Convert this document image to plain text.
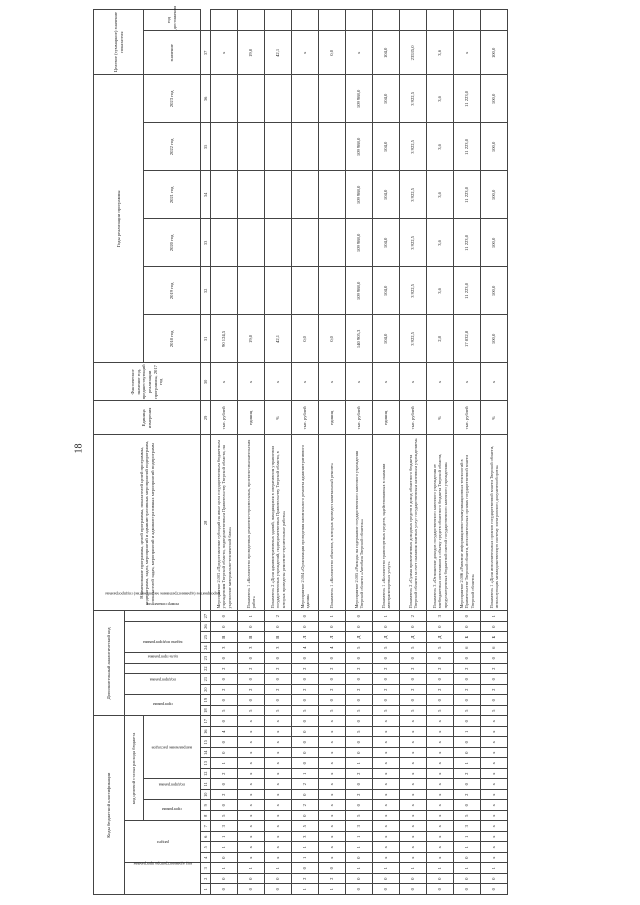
18
Коды бюджетной классификации																	Дополнительный аналитический код										Наименование программы, целей программы, показателей целей программы, подпрограмм, задач, мероприятий и административных мероприятий подпрограмм, показателей задач, мероприятий и административных мероприятий подпрограмм	Единица измерения	Фактическое значение год, предшествующий реализации программы, 2017 год	Годы реализации программы						Целевое (суммарное) значение показателя	
код администратора программы			раздел				код целевой статьи расхода бюджета										программа		подпрограмма		цель программы	задача подпрограммы	мероприятие (административное мероприятие) подпрограммы			номер показателя											
							программа		подпрограмма		направление расходов																			2018 год	2019 год	2020 год	2021 год	2022 год	2023 год	значение	год достижения

1	2	3	4	5	6	7	8	9	10	11	12	13	14	15	16	17	18	19	20	21	22	23	24	25	26	27	28	29	30	31	32	33	34	35	36	37	
0	0	1	0	1	1	3	5	0	2	0	2	1	0	0	4	0	5	0	2	0	2	0	3	В	0	0	Мероприятие 2.003 «Предоставление субсидий на иные цели государственным бюджетным учреждениям Тверской области, подведомственным Правительству Тверской области, на укрепление материально-технической базы»	тыс. рублей	х	90 124,5						х	
0	0	1	х	х	х	х	х	х	х	х	х	х	х	х	х	х	5	0	2	0	2	0	3	В	0	1	Показатель 1 «Количество проведенных ремонтно-строительных, проектно-изыскательских работ»	единиц	х	19,0						19,0	
0	0	1	х	х	х	х	х	х	х	х	х	х	х	х	х	х	5	0	2	0	2	0	3	В	0	2	Показатель 2 «Доля административных зданий, находящихся в оперативном управлении государственных учреждений, подведомственных Правительству Тверской области, в которых проведены ремонтно-строительные работы»	%	х	42,1						42,1	
1	2	0	1	1	3	5	0	2	0	2	1	0	0	0	0	0	5	0	2	0	2	0	4	Л	0	0	Мероприятие 2.004 «Организация проведения капитального ремонта административного здания»	тыс. рублей	х	0,0						х	
1	2	0	х	х	х	х	х	х	х	х	х	х	х	х	х	х	5	0	2	0	2	0	4	Л	0	1	Показатель 1 «Количество объектов, в которых проведен капитальный ремонт»	единиц	х	0,0						0,0	
0	0	1	0	1	1	3	5	0	2	0	2	1	0	0	5	0	5	0	2	0	2	0	5	Д	0	0	Мероприятие 2.005 «Расходы на содержание государственного казенного учреждения Тверской области «Автобаза Тверской области»»	тыс. рублей	х	140 905,3	109 988,0	109 988,0	109 988,0	109 988,0	109 988,0	х	
0	0	1	х	х	х	х	х	х	х	х	х	х	х	х	х	х	5	0	2	0	2	0	5	Д	0	1	Показатель 1 «Количество транспортных средств, задействованных в оказании автотранспортных услуг»	единиц	х	104,0	104,0	104,0	104,0	104,0	104,0	104,0	
0	0	1	х	х	х	х	х	х	х	х	х	х	х	х	х	х	5	0	2	0	2	0	5	Д	0	2	Показатель 2 «Сумма привлеченных доходных средств в доход областного бюджета Тверской области за счет оказания платных услуг государственным казенным учреждением»	тыс. рублей	х	3 922,5	3 922,5	3 922,5	3 922,5	3 922,5	3 922,5	23535,0	
0	0	1	х	х	х	х	х	х	х	х	х	х	х	х	х	х	5	0	2	0	2	0	5	Д	0	3	Показатель 3 «Отношение доходов государственного казенного учреждения от внебюджетных источников к объему средств областного бюджета Тверской области, предусмотренных бюджетной сметой государственного казенного учреждения»	%	х	2,8	3,6	3,6	3,6	3,6	3,6	3,6	
0	0	1	0	1	1	3	5	0	2	0	2	1	0	0	1	0	5	0	2	0	2	0	6	Б	0	0	Мероприятие 2.006 «Развитие информационно-коммуникационных технологий в Правительстве Тверской области, исполнительных органах государственной власти Тверской области»	тыс. рублей	х	17 832,8	11 223,0	11 223,0	11 223,0	11 223,0	11 223,0	х	
0	0	1	х	х	х	х	х	х	х	х	х	х	х	х	х	х	5	0	2	0	2	0	6	Б	0	1	Показатель 1 «Доля исполнительных органов государственной власти Тверской области, использующих межведомственную систему электронного документооборота»	%	х	100,0	100,0	100,0	100,0	100,0	100,0	100,0	
